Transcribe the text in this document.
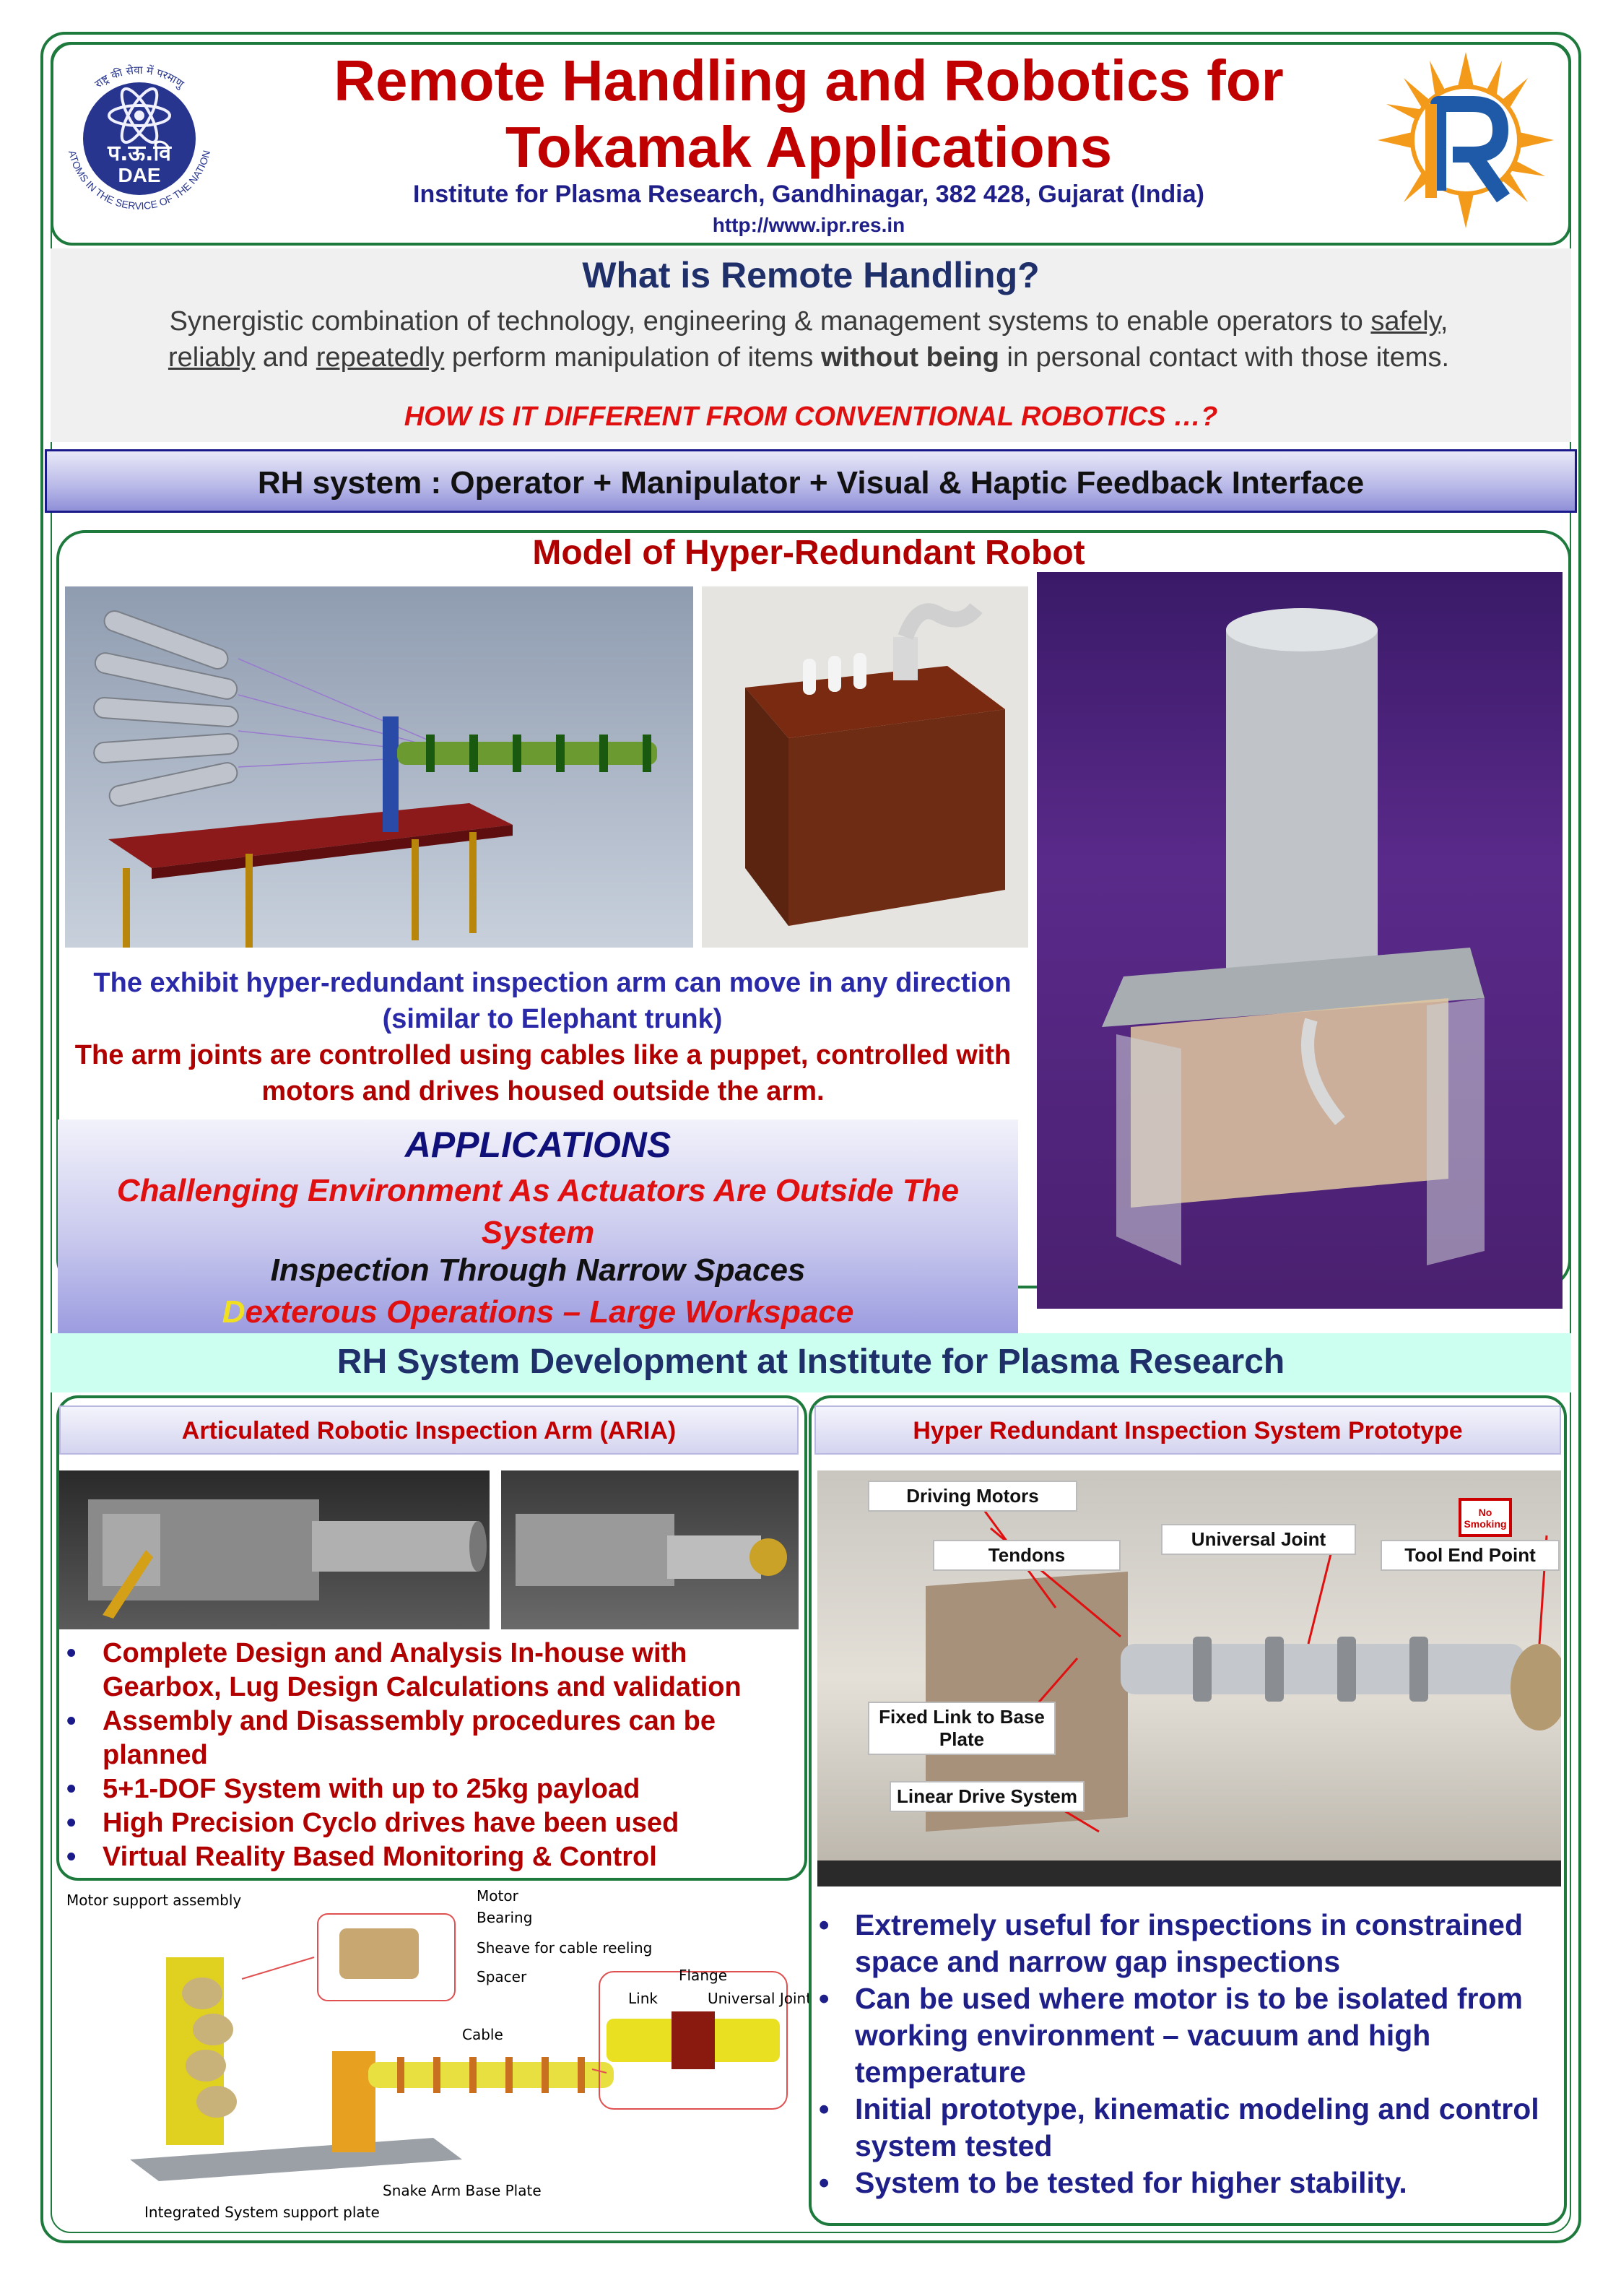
प.ऊ.वि
DAE
राष्ट्र की सेवा में परमाणु
ATOMS IN THE SERVICE OF THE NATION
Remote Handling and Robotics for
Tokamak Applications
Institute for Plasma Research, Gandhinagar, 382 428, Gujarat (India)
http://www.ipr.res.in
What is Remote Handling?
Synergistic combination of technology, engineering & management systems to enable operators to safely,
reliably and repeatedly perform manipulation of items without being in personal contact with those items.
HOW IS IT DIFFERENT FROM CONVENTIONAL ROBOTICS …?
RH system : Operator + Manipulator + Visual & Haptic Feedback Interface
Model of Hyper-Redundant Robot
The exhibit hyper-redundant inspection arm can move in any direction (similar to Elephant trunk)
The arm joints are controlled using cables like a puppet, controlled with motors and drives housed outside the arm.
APPLICATIONS
Challenging Environment As Actuators Are Outside The System
Inspection Through Narrow Spaces
Dexterous Operations – Large Workspace
RH System Development at Institute for Plasma Research
Articulated Robotic Inspection Arm (ARIA)
• Complete Design and Analysis In-house with Gearbox, Lug Design Calculations and validation
• Assembly and Disassembly procedures can be planned
• 5+1-DOF System with up to 25kg payload
• High Precision Cyclo drives have been used
• Virtual Reality Based Monitoring & Control
Motor support assembly	Motor
Bearing
Sheave for cable reeling
Spacer	Flange
Link	Universal Joint
Cable
Snake Arm Base Plate
Integrated System support plate
Hyper Redundant Inspection System Prototype
Driving Motors
Tendons
Universal Joint
Tool End Point
Fixed Link to Base Plate
Linear Drive System
No Smoking
• Extremely useful for inspections in constrained space and narrow gap inspections
• Can be used where motor is to be isolated from working environment – vacuum and high temperature
• Initial prototype, kinematic modeling and control system tested
• System to be tested for higher stability.
